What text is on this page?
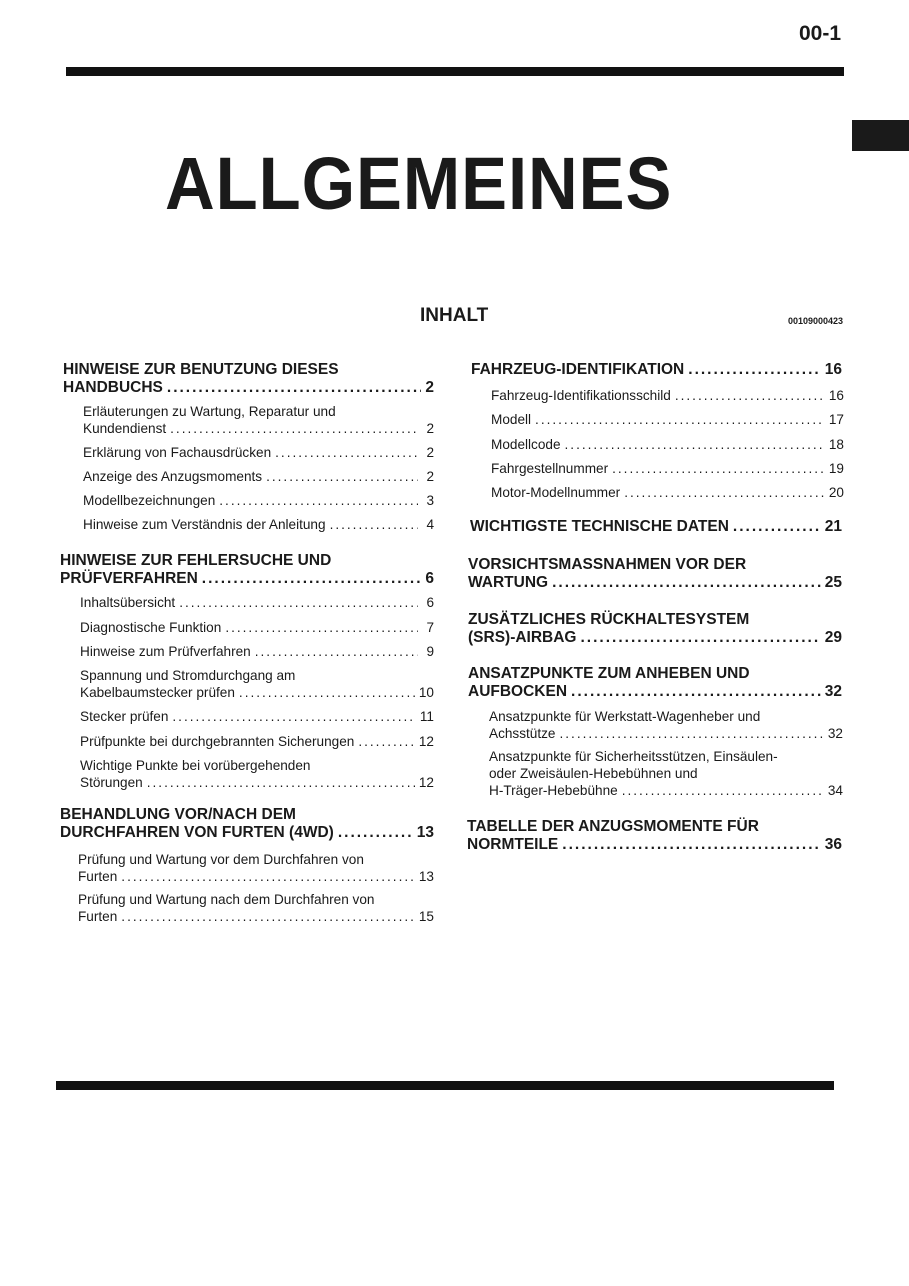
00-1
ALLGEMEINES
INHALT	00109000423
HINWEISE ZUR BENUTZUNG DIESES
HANDBUCHS .....	2
Erläuterungen zu Wartung, Reparatur und
Kundendienst .....	2
Erklärung von Fachausdrücken .....	2
Anzeige des Anzugsmoments .....	2
Modellbezeichnungen .....	3
Hinweise zum Verständnis der Anleitung .....	4
HINWEISE ZUR FEHLERSUCHE UND
PRÜFVERFAHREN .....	6
Inhaltsübersicht .....	6
Diagnostische Funktion .....	7
Hinweise zum Prüfverfahren .....	9
Spannung und Stromdurchgang am
Kabelbaumstecker prüfen .....	10
Stecker prüfen .....	11
Prüfpunkte bei durchgebrannten Sicherungen .....	12
Wichtige Punkte bei vorübergehenden
Störungen .....	12
BEHANDLUNG VOR/NACH DEM
DURCHFAHREN VON FURTEN (4WD) .....	13
Prüfung und Wartung vor dem Durchfahren von
Furten .....	13
Prüfung und Wartung nach dem Durchfahren von
Furten .....	15
FAHRZEUG-IDENTIFIKATION .....	16
Fahrzeug-Identifikationsschild .....	16
Modell .....	17
Modellcode .....	18
Fahrgestellnummer .....	19
Motor-Modellnummer .....	20
WICHTIGSTE TECHNISCHE DATEN .....	21
VORSICHTSMASSNAHMEN VOR DER
WARTUNG .....	25
ZUSÄTZLICHES RÜCKHALTESYSTEM
(SRS)-AIRBAG .....	29
ANSATZPUNKTE ZUM ANHEBEN UND
AUFBOCKEN .....	32
Ansatzpunkte für Werkstatt-Wagenheber und
Achsstütze .....	32
Ansatzpunkte für Sicherheitsstützen, Einsäulen-
oder Zweisäulen-Hebebühnen und
H-Träger-Hebebühne .....	34
TABELLE DER ANZUGSMOMENTE FÜR
NORMTEILE .....	36
